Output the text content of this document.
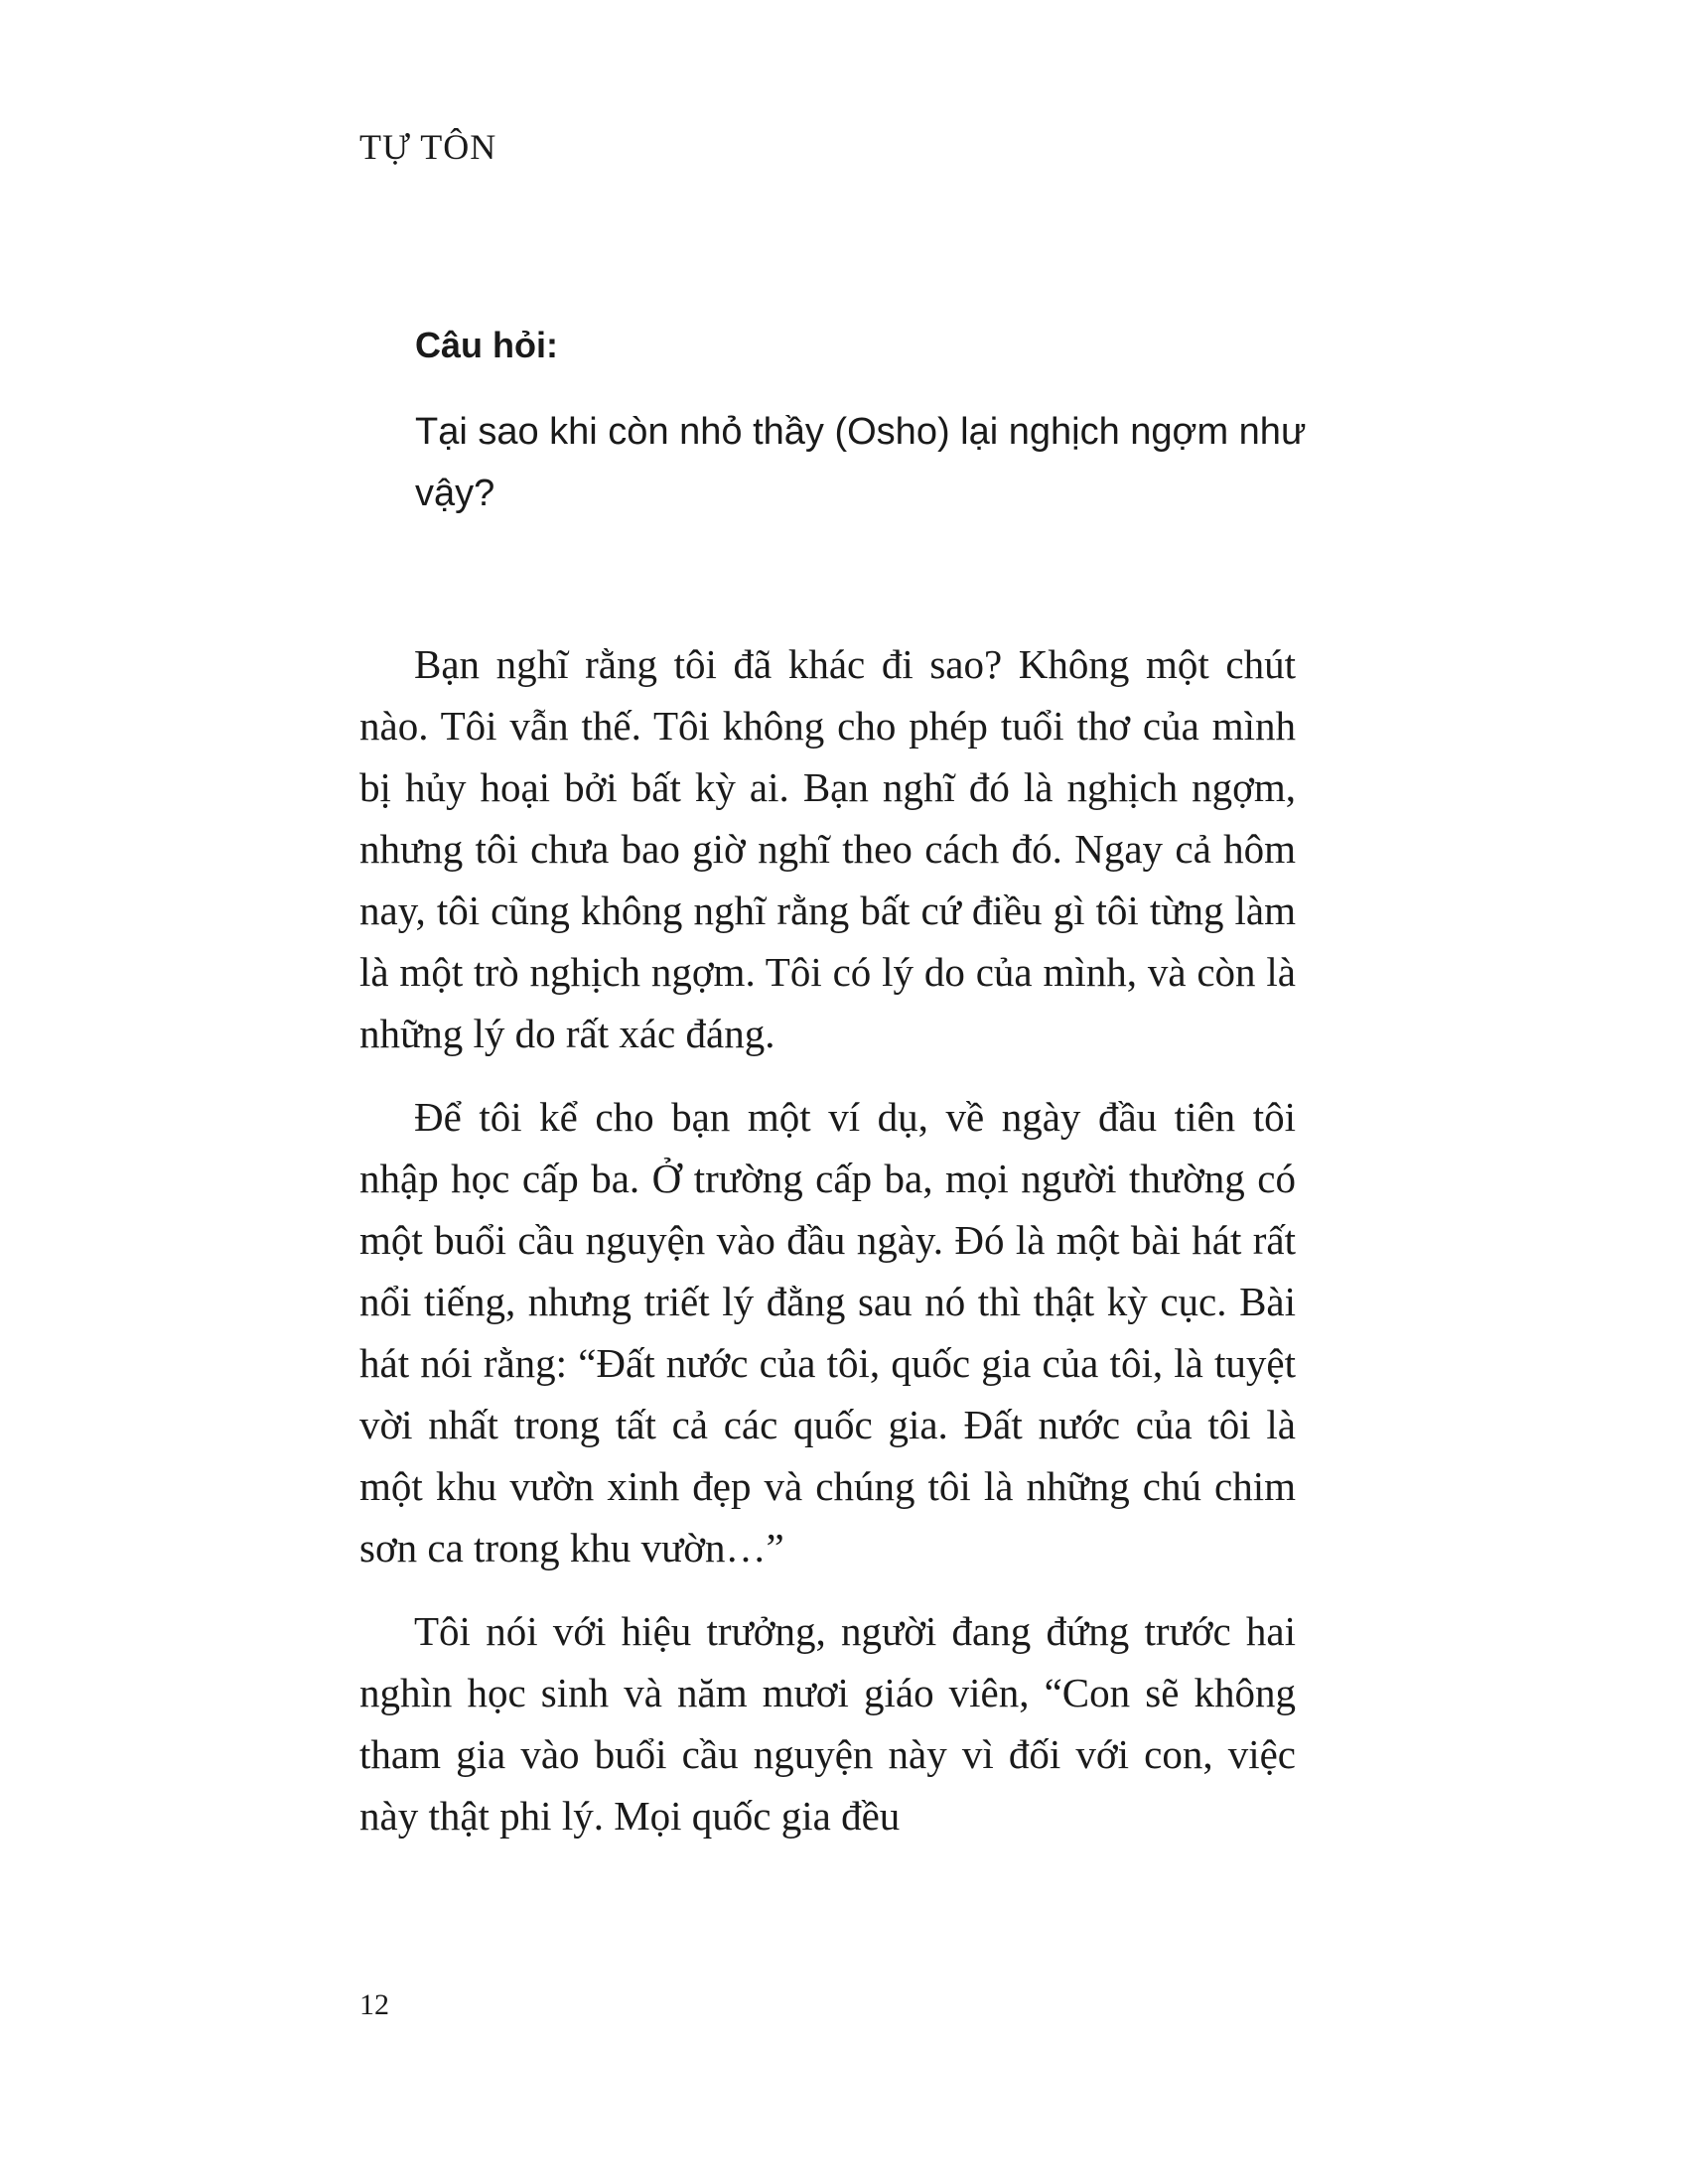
TỰ TÔN
Câu hỏi:

Tại sao khi còn nhỏ thầy (Osho) lại nghịch ngợm như vậy?

Bạn nghĩ rằng tôi đã khác đi sao? Không một chút nào. Tôi vẫn thế. Tôi không cho phép tuổi thơ của mình bị hủy hoại bởi bất kỳ ai. Bạn nghĩ đó là nghịch ngợm, nhưng tôi chưa bao giờ nghĩ theo cách đó. Ngay cả hôm nay, tôi cũng không nghĩ rằng bất cứ điều gì tôi từng làm là một trò nghịch ngợm. Tôi có lý do của mình, và còn là những lý do rất xác đáng.

Để tôi kể cho bạn một ví dụ, về ngày đầu tiên tôi nhập học cấp ba. Ở trường cấp ba, mọi người thường có một buổi cầu nguyện vào đầu ngày. Đó là một bài hát rất nổi tiếng, nhưng triết lý đằng sau nó thì thật kỳ cục. Bài hát nói rằng: “Đất nước của tôi, quốc gia của tôi, là tuyệt vời nhất trong tất cả các quốc gia. Đất nước của tôi là một khu vườn xinh đẹp và chúng tôi là những chú chim sơn ca trong khu vườn…”

Tôi nói với hiệu trưởng, người đang đứng trước hai nghìn học sinh và năm mươi giáo viên, “Con sẽ không tham gia vào buổi cầu nguyện này vì đối với con, việc này thật phi lý. Mọi quốc gia đều

12
